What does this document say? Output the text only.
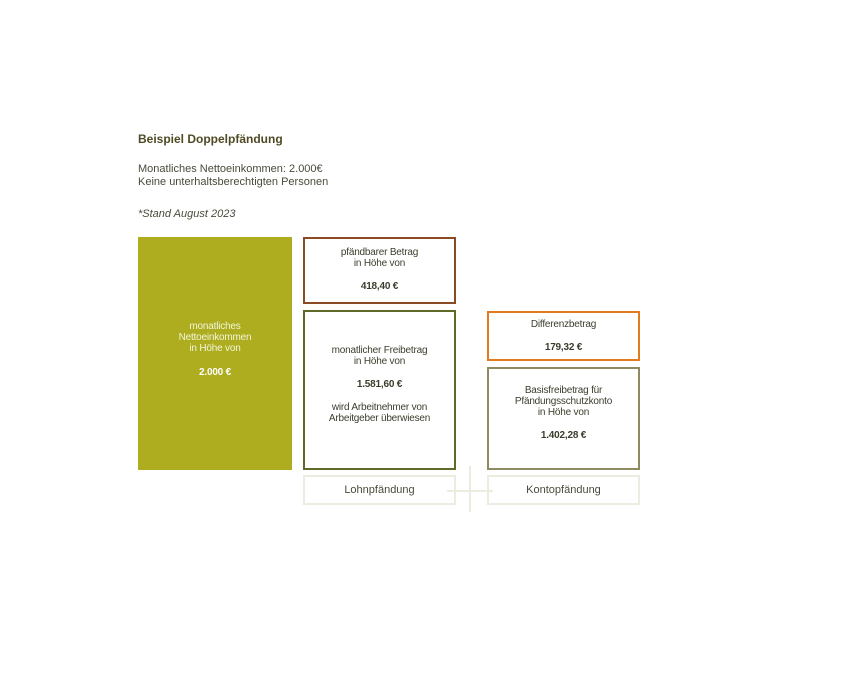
Beispiel Doppelpfändung
Monatliches Nettoeinkommen: 2.000€
Keine unterhaltsberechtigten Personen
*Stand August 2023
monatliches
Nettoeinkommen
in Höhe von
2.000 €
pfändbarer Betrag
in Höhe von
418,40 €
monatlicher Freibetrag
in Höhe von
1.581,60 €
wird Arbeitnehmer von
Arbeitgeber überwiesen
Differenzbetrag
179,32 €
Basisfreibetrag für
Pfändungsschutzkonto
in Höhe von
1.402,28 €
Lohnpfändung	Kontopfändung
